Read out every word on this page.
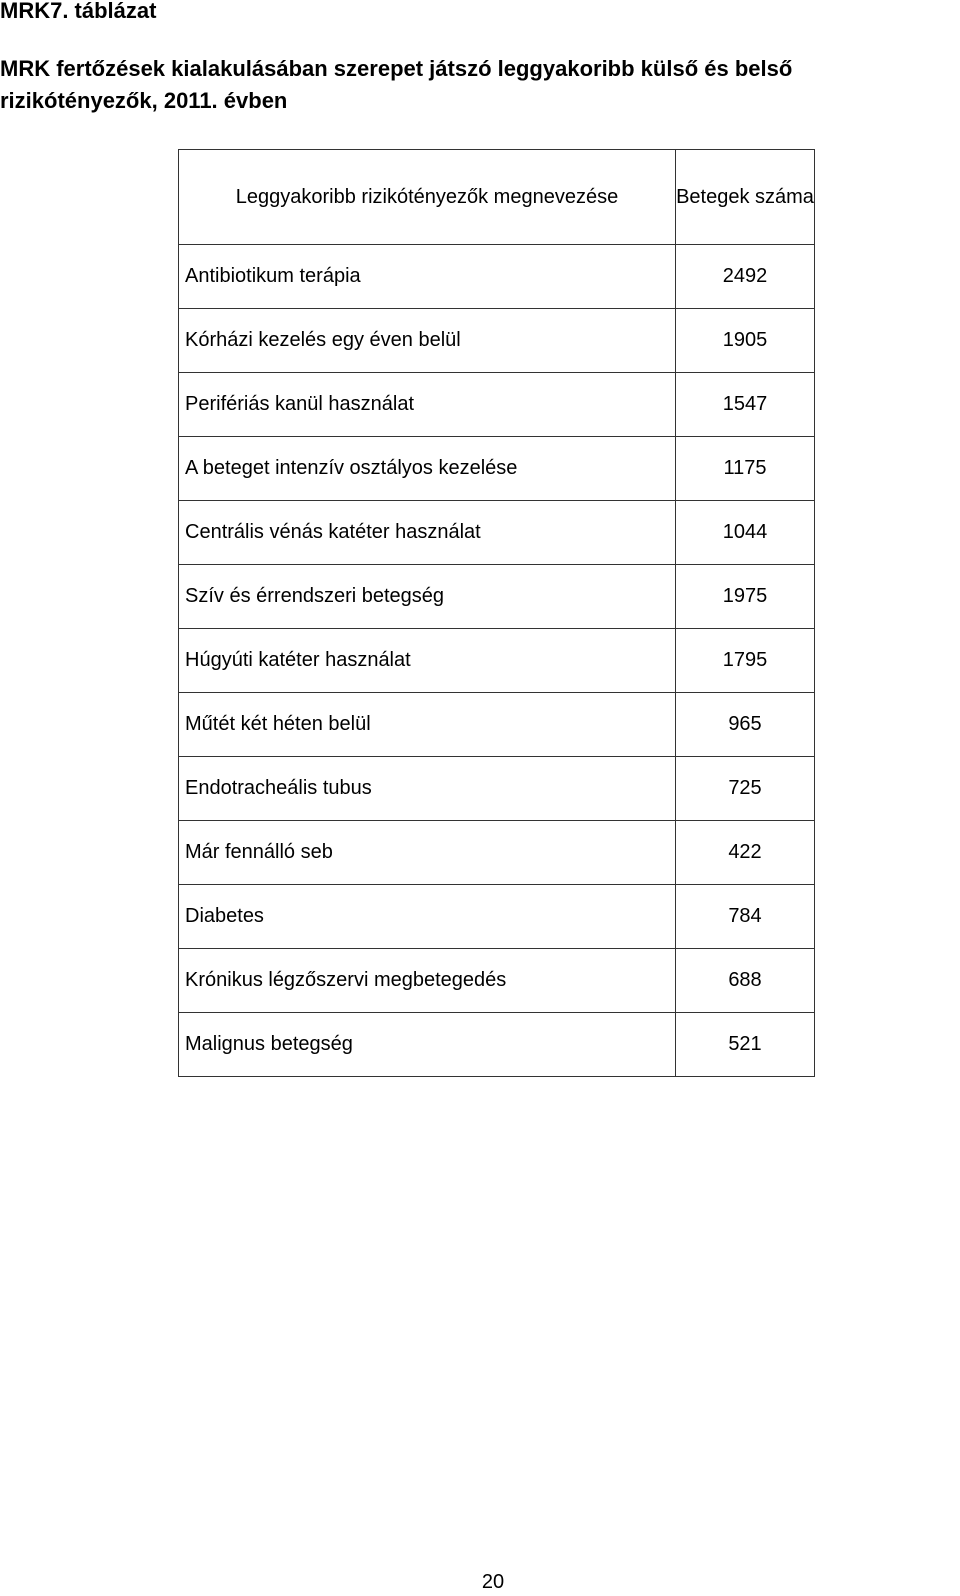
MRK7. táblázat
MRK fertőzések kialakulásában szerepet játszó leggyakoribb külső és belső rizikótényezők, 2011. évben
Leggyakoribb rizikótényezők megnevezése	Betegek száma
Antibiotikum terápia	2492
Kórházi kezelés egy éven belül	1905
Perifériás kanül használat	1547
A beteget intenzív osztályos kezelése	1175
Centrális vénás katéter használat	1044
Szív és érrendszeri betegség	1975
Húgyúti katéter használat	1795
Műtét két héten belül	965
Endotracheális tubus	725
Már fennálló seb	422
Diabetes	784
Krónikus légzőszervi megbetegedés	688
Malignus betegség	521
20
